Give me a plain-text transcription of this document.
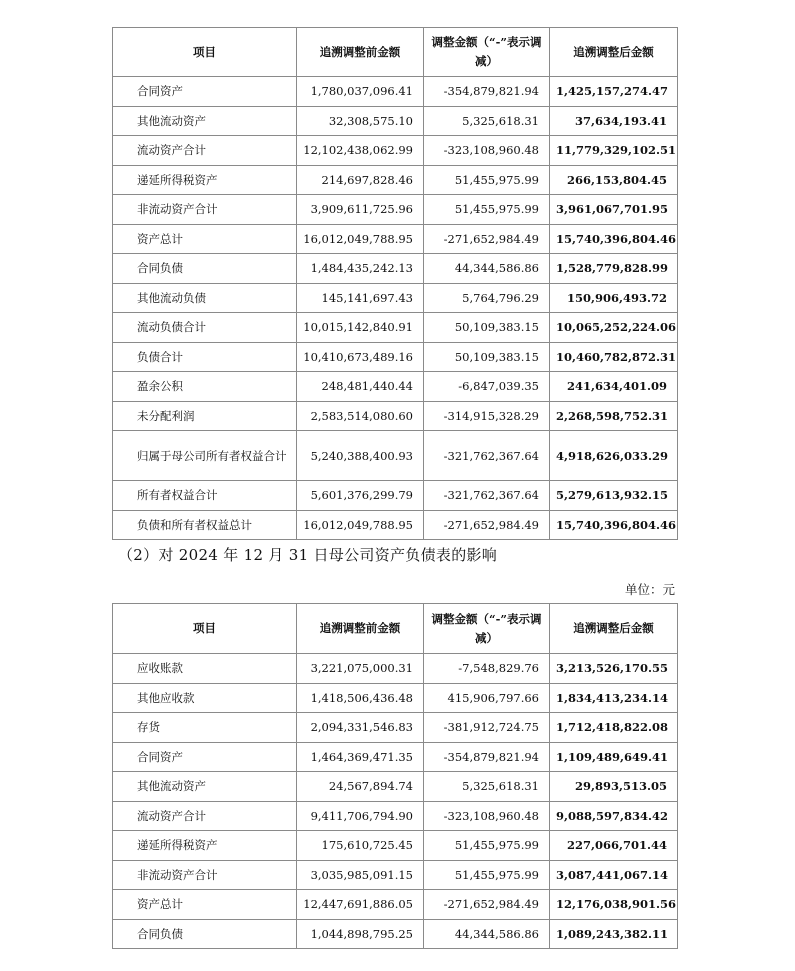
项目	追溯调整前金额	调整金额（“-”表示调减）	追溯调整后金额
合同资产	1,780,037,096.41	-354,879,821.94	1,425,157,274.47
其他流动资产	32,308,575.10	5,325,618.31	37,634,193.41
流动资产合计	12,102,438,062.99	-323,108,960.48	11,779,329,102.51
递延所得税资产	214,697,828.46	51,455,975.99	266,153,804.45
非流动资产合计	3,909,611,725.96	51,455,975.99	3,961,067,701.95
资产总计	16,012,049,788.95	-271,652,984.49	15,740,396,804.46
合同负债	1,484,435,242.13	44,344,586.86	1,528,779,828.99
其他流动负债	145,141,697.43	5,764,796.29	150,906,493.72
流动负债合计	10,015,142,840.91	50,109,383.15	10,065,252,224.06
负债合计	10,410,673,489.16	50,109,383.15	10,460,782,872.31
盈余公积	248,481,440.44	-6,847,039.35	241,634,401.09
未分配利润	2,583,514,080.60	-314,915,328.29	2,268,598,752.31
归属于母公司所有者权益合计	5,240,388,400.93	-321,762,367.64	4,918,626,033.29
所有者权益合计	5,601,376,299.79	-321,762,367.64	5,279,613,932.15
负债和所有者权益总计	16,012,049,788.95	-271,652,984.49	15,740,396,804.46
（2）对 2024 年 12 月 31 日母公司资产负债表的影响
单位：元
项目	追溯调整前金额	调整金额（“-”表示调减）	追溯调整后金额
应收账款	3,221,075,000.31	-7,548,829.76	3,213,526,170.55
其他应收款	1,418,506,436.48	415,906,797.66	1,834,413,234.14
存货	2,094,331,546.83	-381,912,724.75	1,712,418,822.08
合同资产	1,464,369,471.35	-354,879,821.94	1,109,489,649.41
其他流动资产	24,567,894.74	5,325,618.31	29,893,513.05
流动资产合计	9,411,706,794.90	-323,108,960.48	9,088,597,834.42
递延所得税资产	175,610,725.45	51,455,975.99	227,066,701.44
非流动资产合计	3,035,985,091.15	51,455,975.99	3,087,441,067.14
资产总计	12,447,691,886.05	-271,652,984.49	12,176,038,901.56
合同负债	1,044,898,795.25	44,344,586.86	1,089,243,382.11
